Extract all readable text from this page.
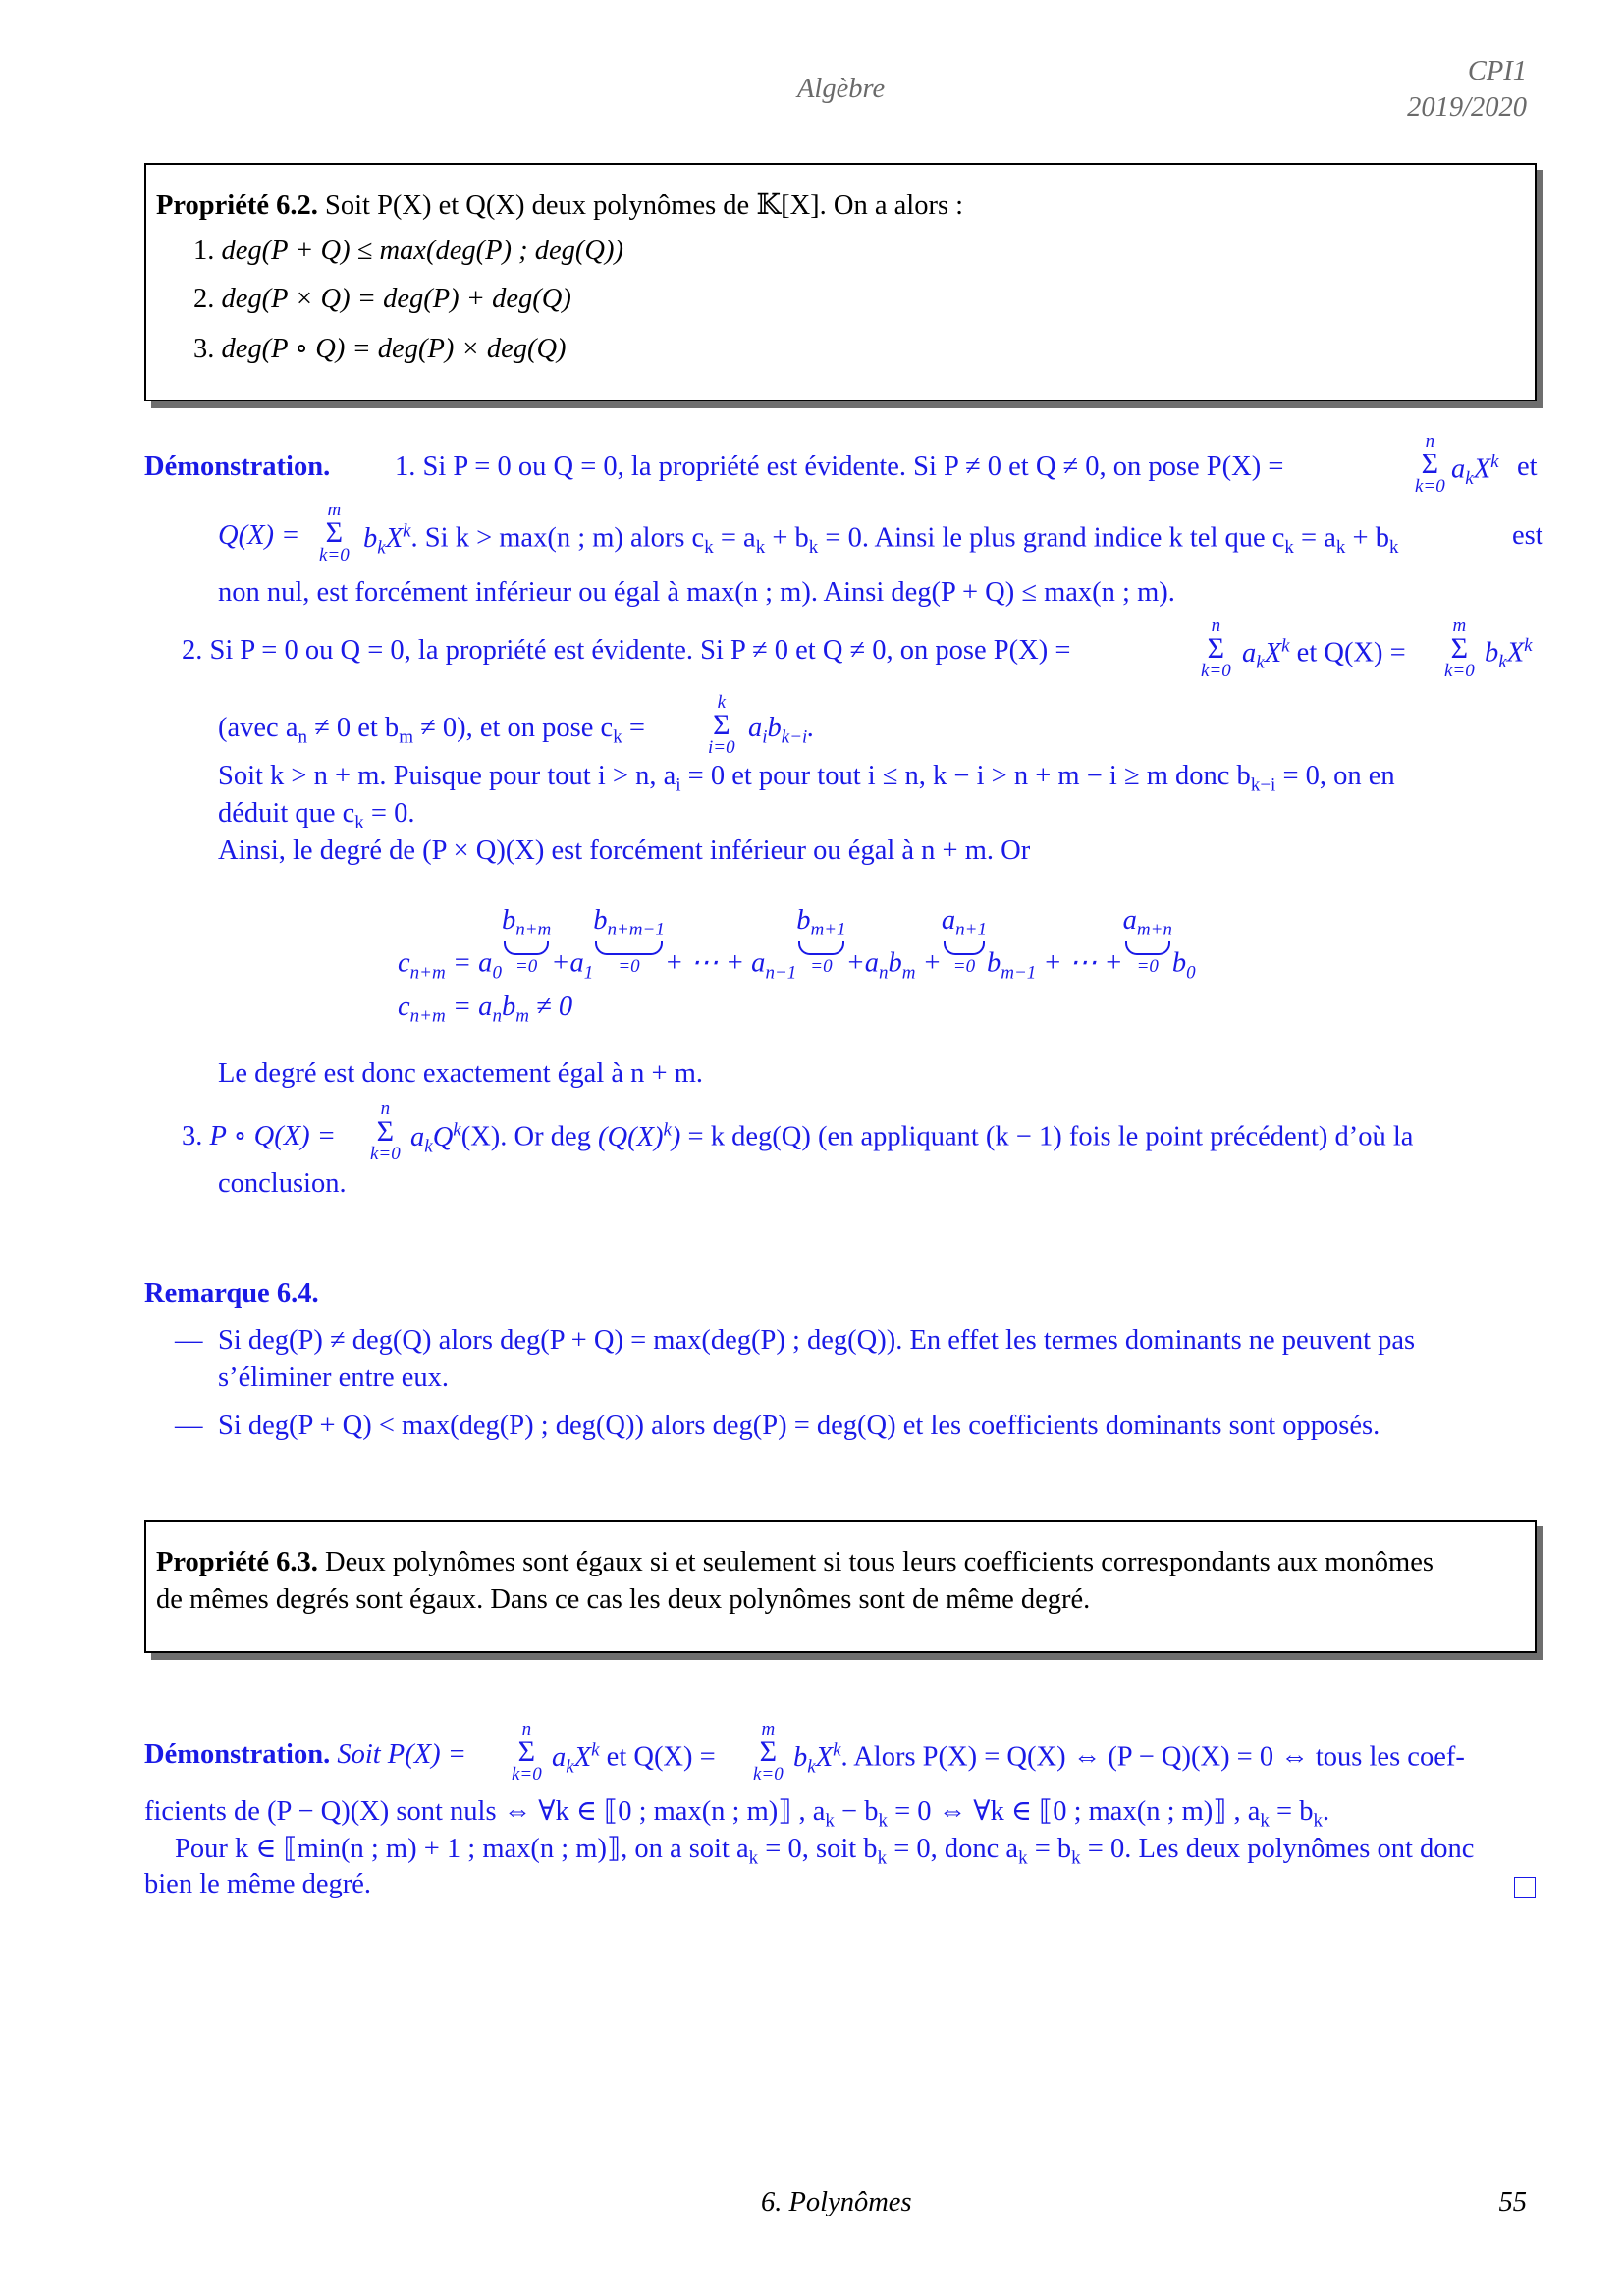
Algèbre
CPI1
2019/2020
Propriété 6.2. Soit P(X) et Q(X) deux polynômes de 𝕂[X]. On a alors :
1. deg(P + Q) ≤ max(deg(P) ; deg(Q))
2. deg(P × Q) = deg(P) + deg(Q)
3. deg(P ∘ Q) = deg(P) × deg(Q)
Démonstration. 1. Si P = 0 ou Q = 0, la propriété est évidente. Si P ≠ 0 et Q ≠ 0, on pose P(X) =
n
Σ
k=0
$a_kX^k$ et
Q(X) =
m
Σ
k=0
$b_kX^k$. Si k > max(n ; m) alors $c_k = a_k + b_k = 0$. Ainsi le plus grand indice k tel que $c_k = a_k + b_k$	est
non nul, est forcément inférieur ou égal à max(n ; m). Ainsi deg(P + Q) ≤ max(n ; m).
2. Si P = 0 ou Q = 0, la propriété est évidente. Si P ≠ 0 et Q ≠ 0, on pose P(X) =
n
Σ
k=0
$a_kX^k$ et Q(X) =
m
Σ
k=0
$b_kX^k$
(avec $a_n \ne 0$ et $b_m \ne 0$), et on pose $c_k$ =
k
Σ
i=0
$a_ib_{k-i}$.
Soit k > n + m. Puisque pour tout i > n, $a_i = 0$ et pour tout i ≤ n, k − i > n + m − i ≥ m donc $b_{k-i} = 0$, on en
déduit que $c_k = 0$.
Ainsi, le degré de (P × Q)(X) est forcément inférieur ou égal à n + m. Or
$c_{n+m} = a_0b_{n+m}$
$=0 +a_1b_{n+m-1}$
=0 + ⋯ + $a_{n-1}b_{m+1}$
$=0 +a_nb_m +a_{n+1}$
=0 $b_{m-1}$ + ⋯ $+a_{m+n}$
=0 $b_0$
$c_{n+m} = a_nb_m \ne 0$
Le degré est donc exactement égal à n + m.
3. P ∘ Q(X) =
n
Σ
k=0
$a_kQ^k(X)$. Or deg $(Q(X)^k) = k$ deg(Q) (en appliquant (k − 1) fois le point précédent) d’où la
conclusion.
Remarque 6.4.
— Si deg(P) ≠ deg(Q) alors deg(P + Q) = max(deg(P) ; deg(Q)). En effet les termes dominants ne peuvent pas
s’éliminer entre eux.
— Si deg(P + Q) < max(deg(P) ; deg(Q)) alors deg(P) = deg(Q) et les coefficients dominants sont opposés.
Propriété 6.3. Deux polynômes sont égaux si et seulement si tous leurs coefficients correspondants aux monômes
de mêmes degrés sont égaux. Dans ce cas les deux polynômes sont de même degré.
Démonstration. Soit P(X) =
n
Σ
k=0
$a_kX^k$ et Q(X) =
m
Σ
k=0
$b_kX^k$. Alors P(X) = Q(X) ⇔ (P − Q)(X) = 0 ⇔ tous les coef-
ficients de (P − Q)(X) sont nuls ⇔ ∀k ∈ ⟦0 ; max(n ; m)⟧ , $a_k - b_k = 0$ ⇔ ∀k ∈ ⟦0 ; max(n ; m)⟧ , $a_k = b_k$.
Pour k ∈ ⟦min(n ; m) + 1 ; max(n ; m)⟧, on a soit $a_k = 0$, soit $b_k = 0$, donc $a_k = b_k = 0$. Les deux polynômes ont donc
bien le même degré.
6. Polynômes	55
